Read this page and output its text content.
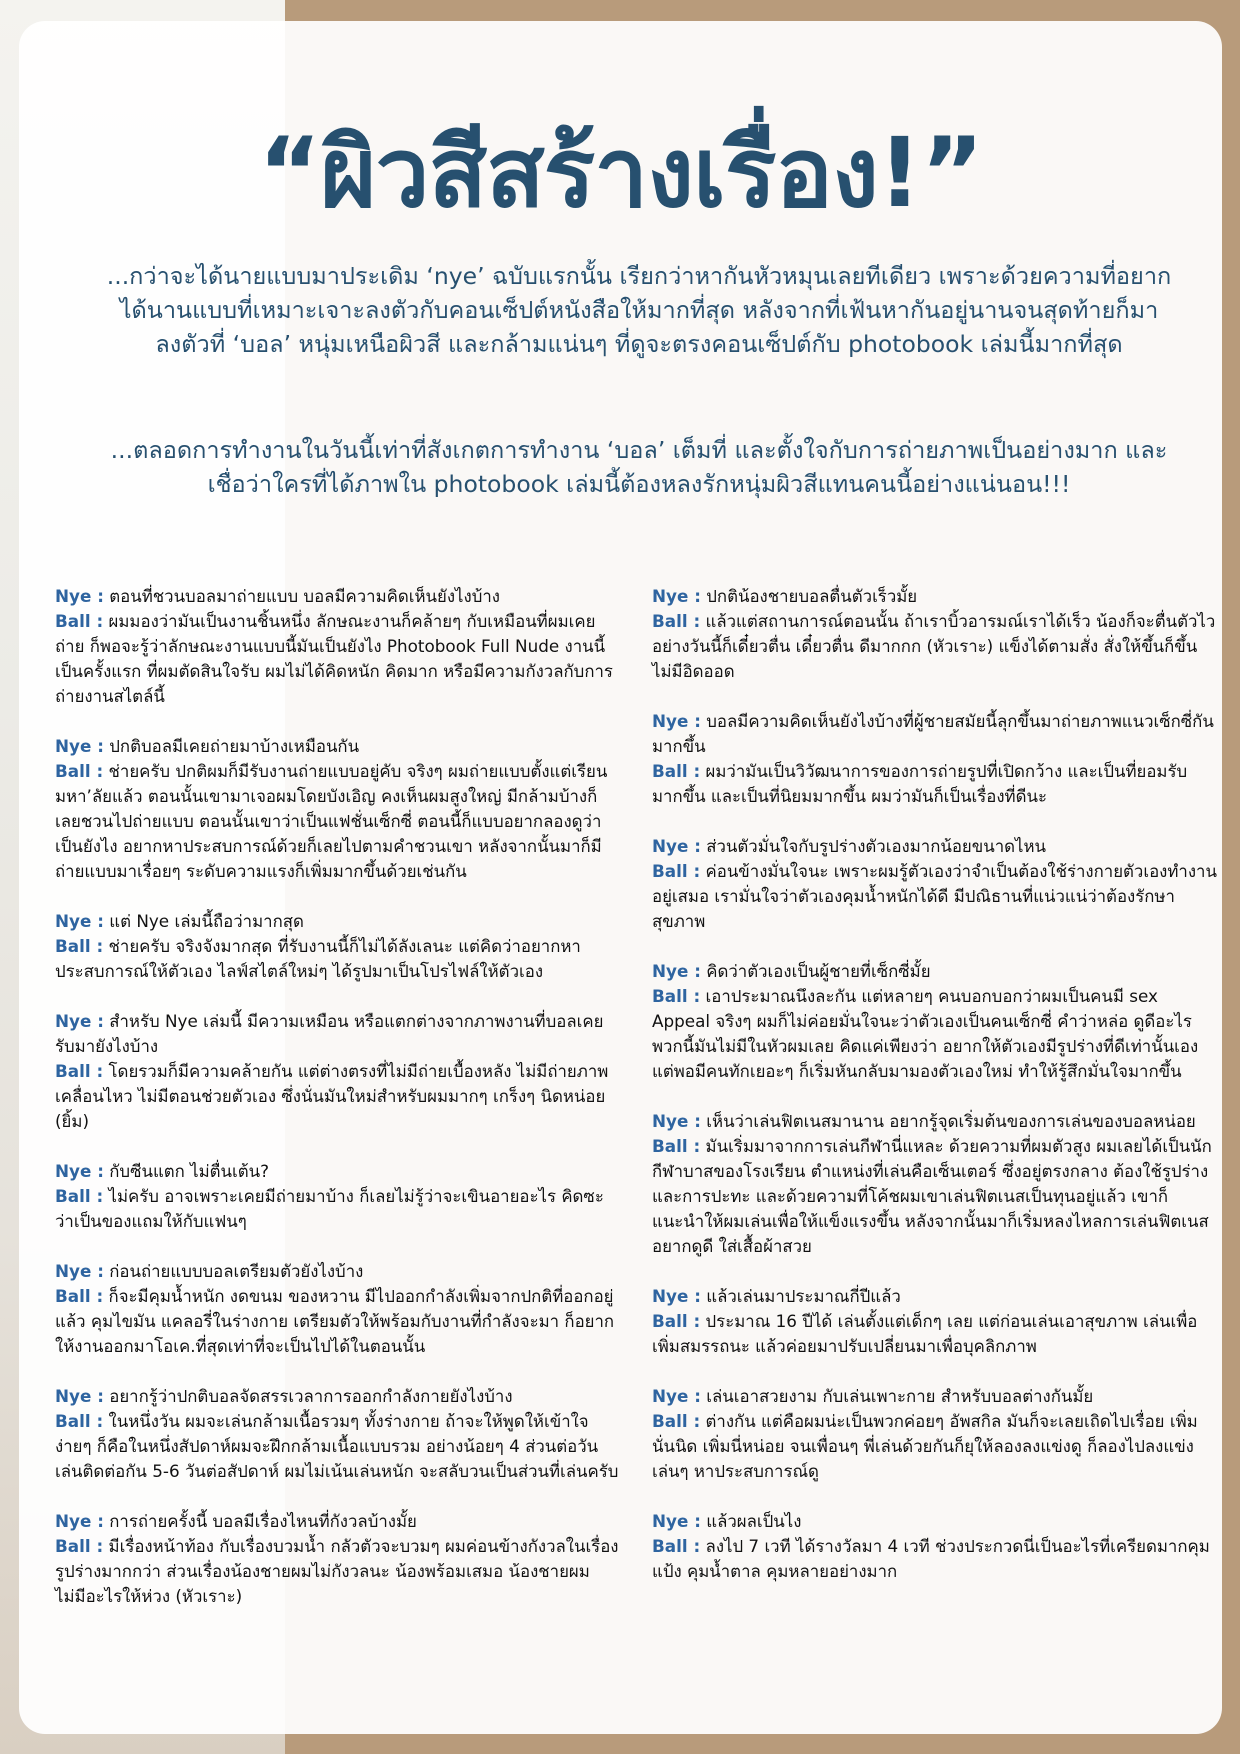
“ผิวสีสร้างเรื่อง!”

...กว่าจะได้นายแบบมาประเดิม ‘nye’ ฉบับแรกนั้น เรียกว่าหากันหัวหมุนเลยทีเดียว เพราะด้วยความที่อยากได้นานแบบที่เหมาะเจาะลงตัวกับคอนเซ็ปต์หนังสือให้มากที่สุด หลังจากที่เฟ้นหากันอยู่นานจนสุดท้ายก็มาลงตัวที่ ‘บอล’ หนุ่มเหนือผิวสี และกล้ามแน่นๆ ที่ดูจะตรงคอนเซ็ปต์กับ photobook เล่มนี้มากที่สุด

...ตลอดการทำงานในวันนี้เท่าที่สังเกตการทำงาน ‘บอล’ เต็มที่ และตั้งใจกับการถ่ายภาพเป็นอย่างมาก และเชื่อว่าใครที่ได้ภาพใน photobook เล่มนี้ต้องหลงรักหนุ่มผิวสีแทนคนนี้อย่างแน่นอน!!!

Nye : ตอนที่ชวนบอลมาถ่ายแบบ บอลมีความคิดเห็นยังไงบ้าง

Ball : ผมมองว่ามันเป็นงานชิ้นหนึ่ง ลักษณะงานก็คล้ายๆ กับเหมือนที่ผมเคยถ่าย ก็พอจะรู้ว่าลักษณะงานแบบนี้มันเป็นยังไง Photobook Full Nude งานนี้เป็นครั้งแรก ที่ผมตัดสินใจรับ ผมไม่ได้คิดหนัก คิดมาก หรือมีความกังวลกับการถ่ายงานสไตล์นี้

Nye : ปกติบอลมีเคยถ่ายมาบ้างเหมือนกัน

Ball : ช่ายครับ ปกติผมก็มีรับงานถ่ายแบบอยู่คับ จริงๆ ผมถ่ายแบบตั้งแต่เรียนมหา’ลัยแล้ว ตอนนั้นเขามาเจอผมโดยบังเอิญ คงเห็นผมสูงใหญ่ มีกล้ามบ้างก็เลยชวนไปถ่ายแบบ ตอนนั้นเขาว่าเป็นแฟชั่นเซ็กซี่ ตอนนี้ก็แบบอยากลองดูว่าเป็นยังไง อยากหาประสบการณ์ด้วยก็เลยไปตามคำชวนเขา หลังจากนั้นมาก็มีถ่ายแบบมาเรื่อยๆ ระดับความแรงก็เพิ่มมากขึ้นด้วยเช่นกัน

Nye : แต่ Nye เล่มนี้ถือว่ามากสุด

Ball : ช่ายครับ จริงจังมากสุด ที่รับงานนี้ก็ไม่ได้ลังเลนะ แต่คิดว่าอยากหาประสบการณ์ให้ตัวเอง ไลฟ์สไตล์ใหม่ๆ ได้รูปมาเป็นโปรไฟล์ให้ตัวเอง

Nye : สำหรับ Nye เล่มนี้ มีความเหมือน หรือแตกต่างจากภาพงานที่บอลเคยรับมายังไงบ้าง

Ball : โดยรวมก็มีความคล้ายกัน แต่ต่างตรงที่ไม่มีถ่ายเบื้องหลัง ไม่มีถ่ายภาพเคลื่อนไหว ไม่มีตอนช่วยตัวเอง ซึ่งนั่นมันใหม่สำหรับผมมากๆ เกร็งๆ นิดหน่อย (ยิ้ม)

Nye : กับซีนแตก ไม่ตื่นเต้น?

Ball : ไม่ครับ อาจเพราะเคยมีถ่ายมาบ้าง ก็เลยไม่รู้ว่าจะเขินอายอะไร คิดซะว่าเป็นของแถมให้กับแฟนๆ

Nye : ก่อนถ่ายแบบบอลเตรียมตัวยังไงบ้าง

Ball : ก็จะมีคุมน้ำหนัก งดขนม ของหวาน มีไปออกกำลังเพิ่มจากปกติที่ออกอยู่แล้ว คุมไขมัน แคลอรี่ในร่างกาย เตรียมตัวให้พร้อมกับงานที่กำลังจะมา ก็อยากให้งานออกมาโอเค.ที่สุดเท่าที่จะเป็นไปได้ในตอนนั้น

Nye : อยากรู้ว่าปกติบอลจัดสรรเวลาการออกกำลังกายยังไงบ้าง

Ball : ในหนึ่งวัน ผมจะเล่นกล้ามเนื้อรวมๆ ทั้งร่างกาย ถ้าจะให้พูดให้เข้าใจง่ายๆ ก็คือในหนึ่งสัปดาห์ผมจะฝึกกล้ามเนื้อแบบรวม อย่างน้อยๆ 4 ส่วนต่อวัน เล่นติดต่อกัน 5-6 วันต่อสัปดาห์ ผมไม่เน้นเล่นหนัก จะสลับวนเป็นส่วนที่เล่นครับ

Nye : การถ่ายครั้งนี้ บอลมีเรื่องไหนที่กังวลบ้างมั้ย

Ball : มีเรื่องหน้าท้อง กับเรื่องบวมน้ำ กลัวตัวจะบวมๆ ผมค่อนข้างกังวลในเรื่องรูปร่างมากกว่า ส่วนเรื่องน้องชายผมไม่กังวลนะ น้องพร้อมเสมอ น้องชายผมไม่มีอะไรให้ห่วง (หัวเราะ)

Nye : ปกติน้องชายบอลตื่นตัวเร็วมั้ย

Ball : แล้วแต่สถานการณ์ตอนนั้น ถ้าเราบิ้วอารมณ์เราได้เร็ว น้องก็จะตื่นตัวไว อย่างวันนี้ก็เดี๋ยวตื่น เดี๋ยวตื่น ดีมากกก (หัวเราะ) แข็งได้ตามสั่ง สั่งให้ขึ้นก็ขึ้น ไม่มีอิดออด

Nye : บอลมีความคิดเห็นยังไงบ้างที่ผู้ชายสมัยนี้ลุกขึ้นมาถ่ายภาพแนวเซ็กซี่กันมากขึ้น

Ball : ผมว่ามันเป็นวิวัฒนาการของการถ่ายรูปที่เปิดกว้าง และเป็นที่ยอมรับมากขึ้น และเป็นที่นิยมมากขึ้น ผมว่ามันก็เป็นเรื่องที่ดีนะ

Nye : ส่วนตัวมั่นใจกับรูปร่างตัวเองมากน้อยขนาดไหน

Ball : ค่อนข้างมั่นใจนะ เพราะผมรู้ตัวเองว่าจำเป็นต้องใช้ร่างกายตัวเองทำงานอยู่เสมอ เรามั่นใจว่าตัวเองคุมน้ำหนักได้ดี มีปณิธานที่แน่วแน่ว่าต้องรักษาสุขภาพ

Nye : คิดว่าตัวเองเป็นผู้ชายที่เซ็กซี่มั้ย

Ball : เอาประมาณนึงละกัน แต่หลายๆ คนบอกบอกว่าผมเป็นคนมี sex Appeal จริงๆ ผมก็ไม่ค่อยมั่นใจนะว่าตัวเองเป็นคนเซ็กซี่ คำว่าหล่อ ดูดีอะไรพวกนี้มันไม่มีในหัวผมเลย คิดแค่เพียงว่า อยากให้ตัวเองมีรูปร่างที่ดีเท่านั้นเอง แต่พอมีคนทักเยอะๆ ก็เริ่มหันกลับมามองตัวเองใหม่ ทำให้รู้สึกมั่นใจมากขึ้น

Nye : เห็นว่าเล่นฟิตเนสมานาน อยากรู้จุดเริ่มต้นของการเล่นของบอลหน่อย

Ball : มันเริ่มมาจากการเล่นกีฬานี่แหละ ด้วยความที่ผมตัวสูง ผมเลยได้เป็นนักกีฬาบาสของโรงเรียน ตำแหน่งที่เล่นคือเซ็นเตอร์ ซึ่งอยู่ตรงกลาง ต้องใช้รูปร่าง และการปะทะ และด้วยความที่โค้ชผมเขาเล่นฟิตเนสเป็นทุนอยู่แล้ว เขาก็แนะนำให้ผมเล่นเพื่อให้แข็งแรงขึ้น หลังจากนั้นมาก็เริ่มหลงไหลการเล่นฟิตเนส อยากดูดี ใส่เสื้อผ้าสวย

Nye : แล้วเล่นมาประมาณกี่ปีแล้ว

Ball : ประมาณ 16 ปีได้ เล่นตั้งแต่เด็กๆ เลย แต่ก่อนเล่นเอาสุขภาพ เล่นเพื่อเพิ่มสมรรถนะ แล้วค่อยมาปรับเปลี่ยนมาเพื่อบุคลิกภาพ

Nye : เล่นเอาสวยงาม กับเล่นเพาะกาย สำหรับบอลต่างกันมั้ย

Ball : ต่างกัน แต่คือผมน่ะเป็นพวกค่อยๆ อัพสกิล มันก็จะเลยเถิดไปเรื่อย เพิ่มนั่นนิด เพิ่มนี่หน่อย จนเพื่อนๆ พี่เล่นด้วยกันก็ยุให้ลองลงแข่งดู ก็ลองไปลงแข่งเล่นๆ หาประสบการณ์ดู

Nye : แล้วผลเป็นไง

Ball : ลงไป 7 เวที ได้รางวัลมา 4 เวที ช่วงประกวดนี่เป็นอะไรที่เครียดมากคุมแป้ง คุมน้ำตาล คุมหลายอย่างมาก
